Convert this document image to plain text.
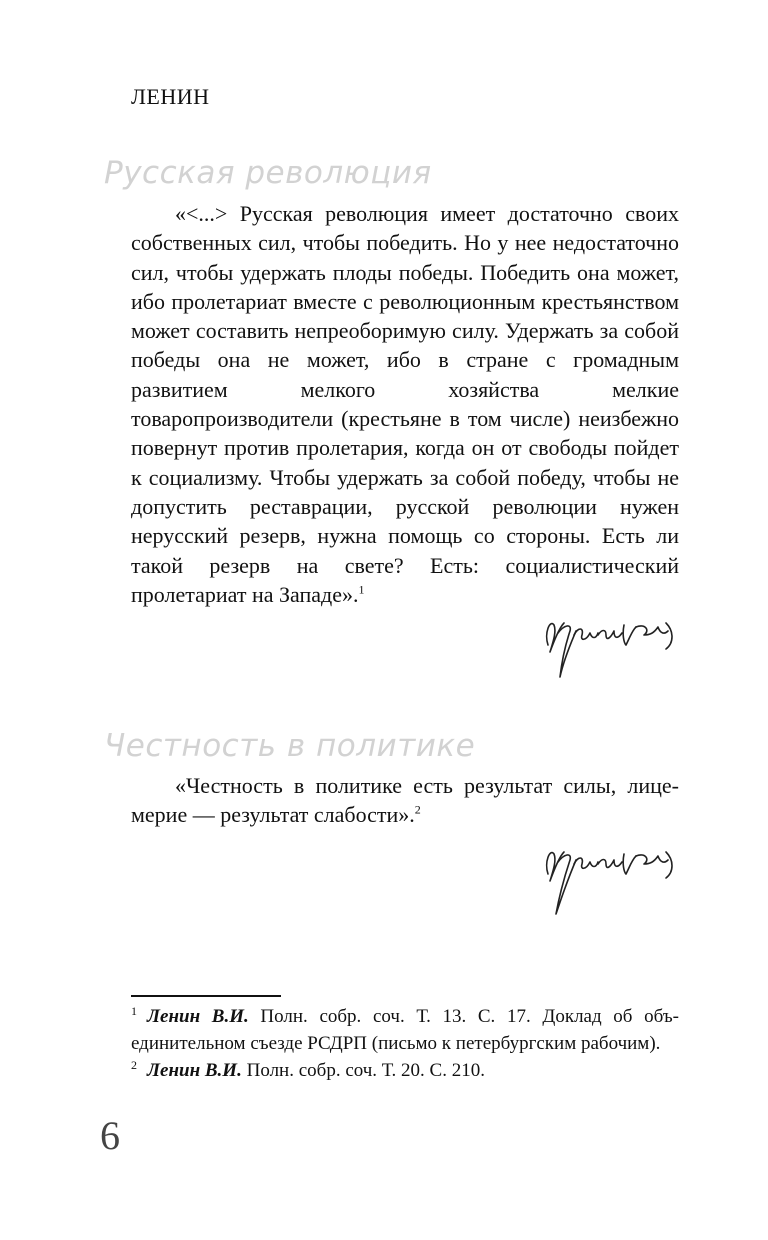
ЛЕНИН
Русская революция

«<...> Русская революция имеет достаточно своих собственных сил, чтобы победить. Но у нее недостаточно сил, чтобы удержать плоды победы. Победить она может, ибо пролетариат вместе с революционным крестьянством может составить непреоборимую силу. Удержать за собой победы она не может, ибо в стране с громадным развитием мелкого хозяйства мелкие товаропроизводители (крестьяне в том числе) неизбежно повернут против пролетария, когда он от свободы пойдет к социализму. Чтобы удержать за собой победу, чтобы не допустить реставрации, русской революции нужен нерусский резерв, нужна помощь со стороны. Есть ли такой резерв на свете? Есть: социалистический пролетариат на Западе».$^1$

Честность в политике

«Честность в политике есть результат силы, лицемерие — результат слабости».$^2$

$^1$ Ленин В.И. Полн. собр. соч. Т. 13. С. 17. Доклад об объединительном съезде РСДРП (письмо к петербургским рабочим).

$^2$ Ленин В.И. Полн. собр. соч. Т. 20. С. 210.

6
